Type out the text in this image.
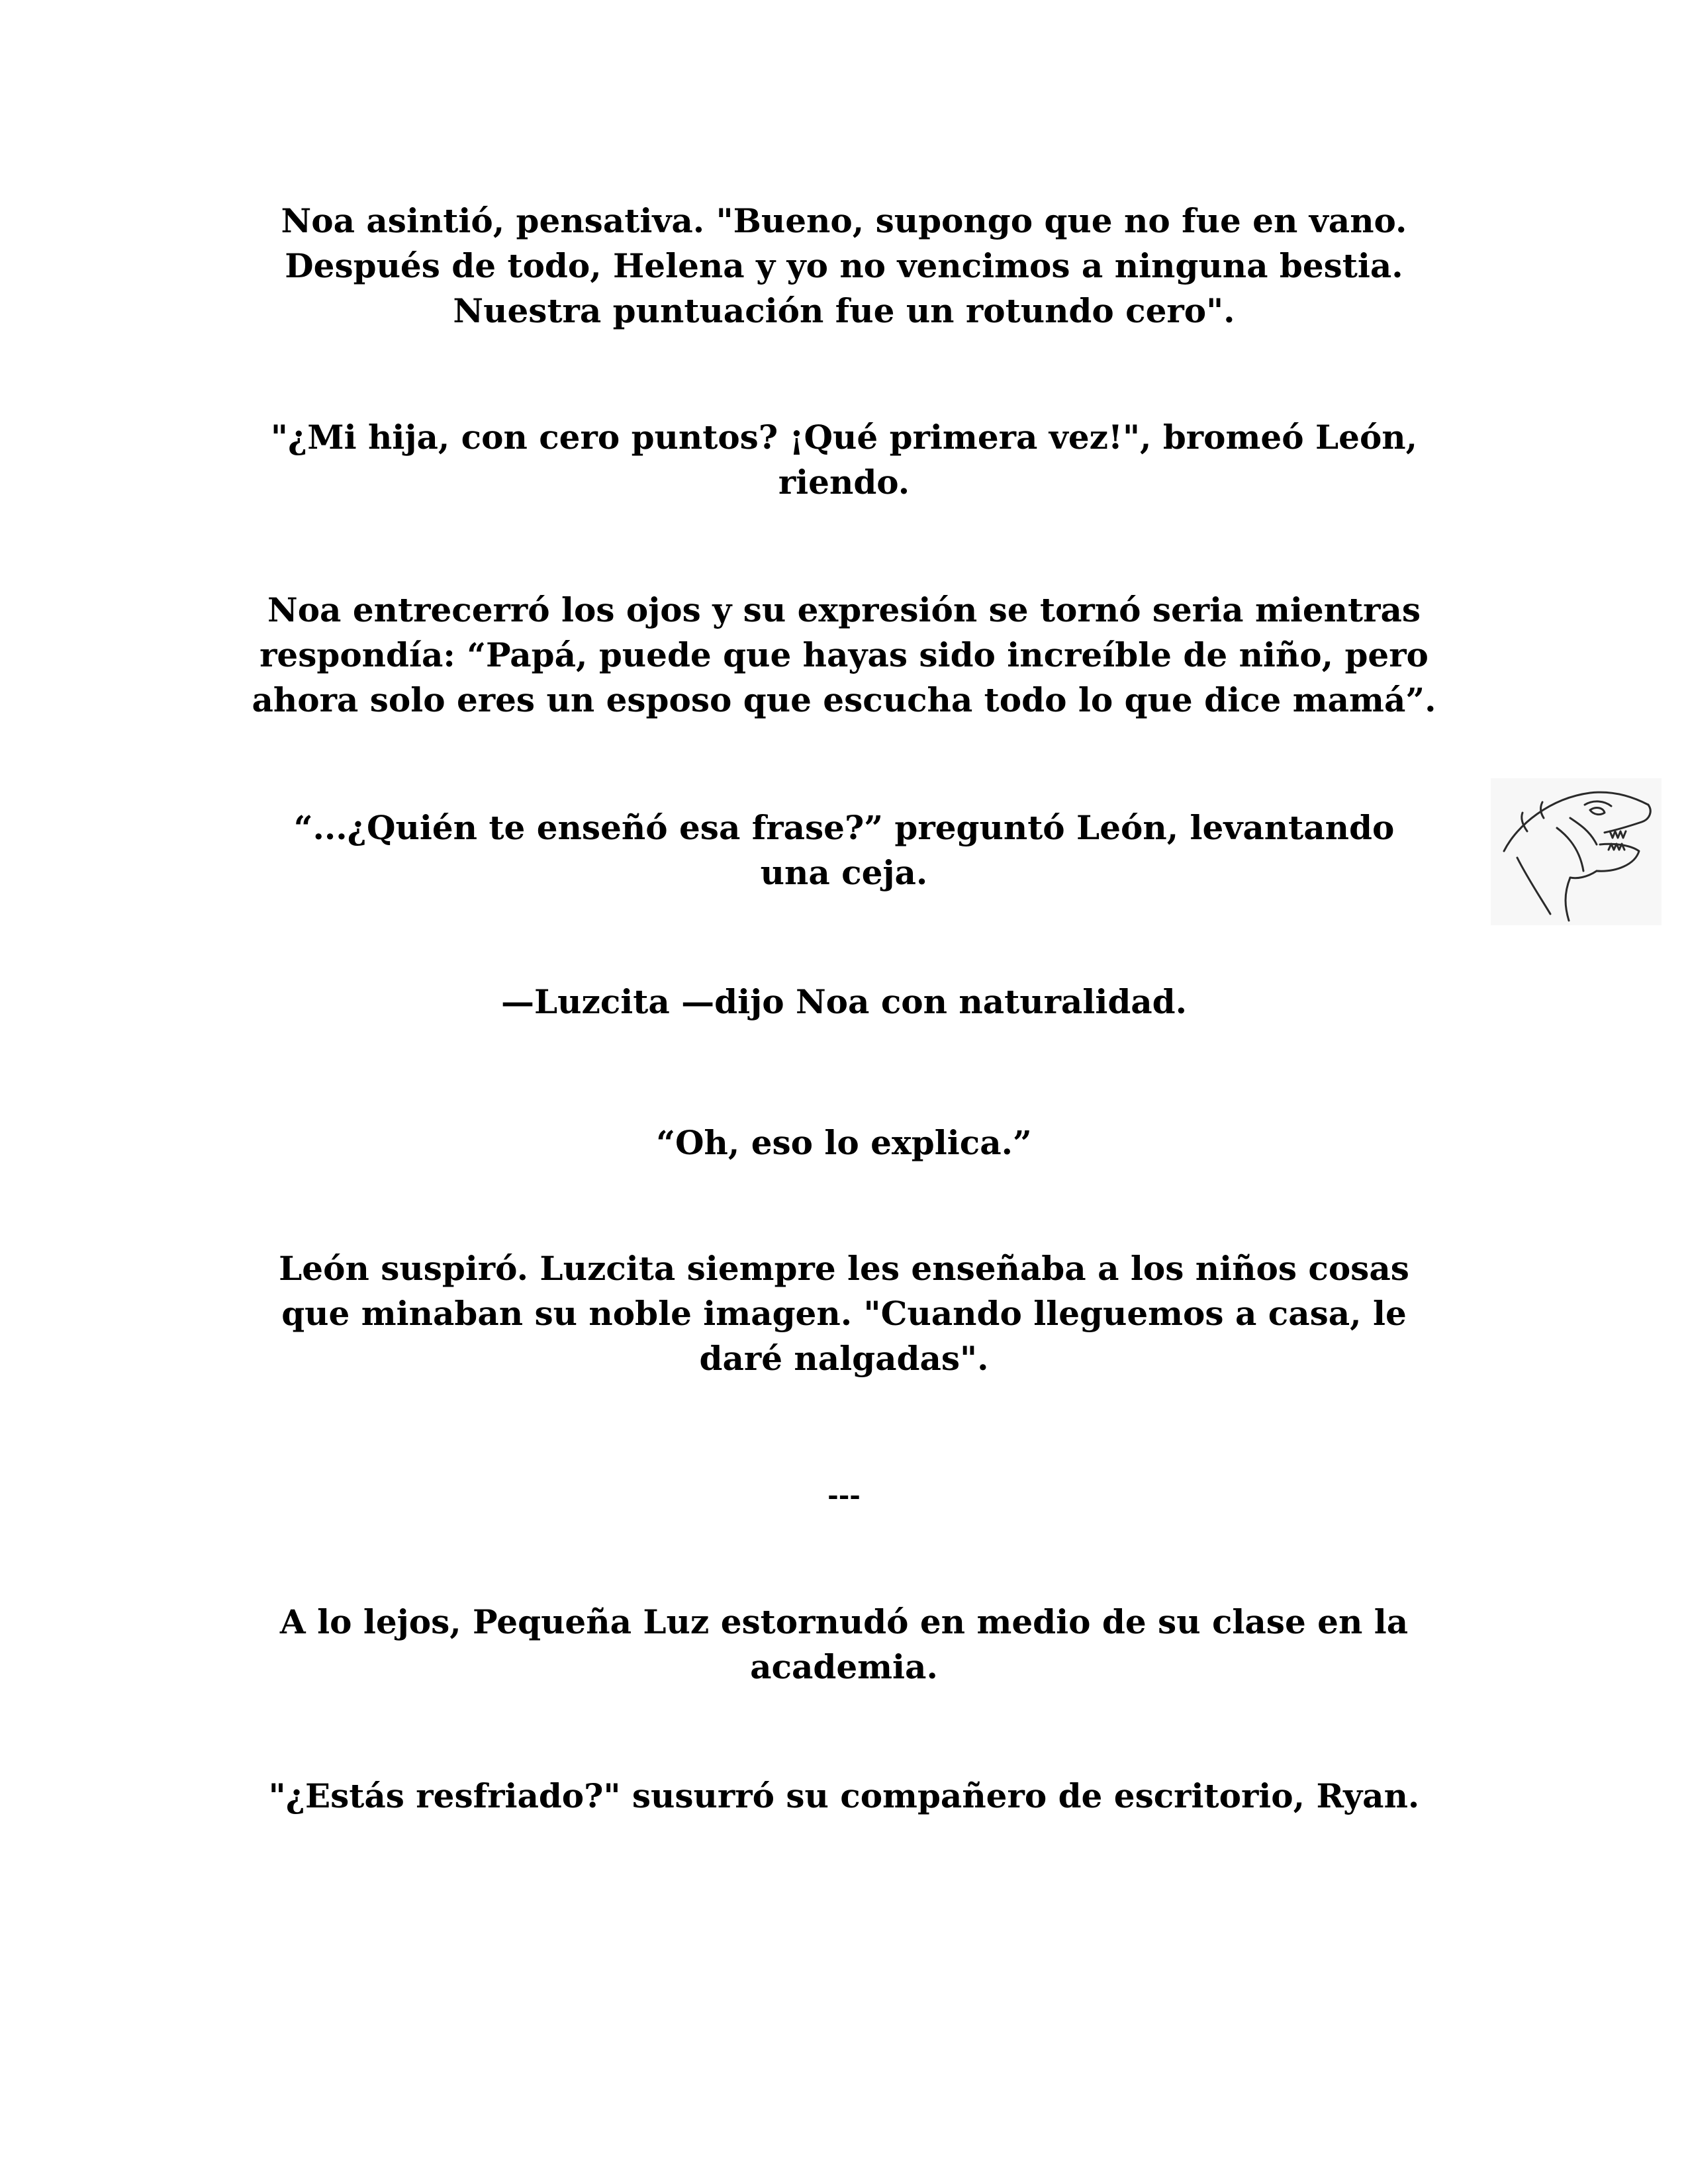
Noa asintió, pensativa. "Bueno, supongo que no fue en vano.
Después de todo, Helena y yo no vencimos a ninguna bestia.
Nuestra puntuación fue un rotundo cero".

"¿Mi hija, con cero puntos? ¡Qué primera vez!", bromeó León,
riendo.

Noa entrecerró los ojos y su expresión se tornó seria mientras
respondía: “Papá, puede que hayas sido increíble de niño, pero
ahora solo eres un esposo que escucha todo lo que dice mamá”.

“...¿Quién te enseñó esa frase?” preguntó León, levantando
una ceja.

—Luzcita —dijo Noa con naturalidad.

“Oh, eso lo explica.”

León suspiró. Luzcita siempre les enseñaba a los niños cosas
que minaban su noble imagen. "Cuando lleguemos a casa, le
daré nalgadas".

---

A lo lejos, Pequeña Luz estornudó en medio de su clase en la
academia.

"¿Estás resfriado?" susurró su compañero de escritorio, Ryan.
